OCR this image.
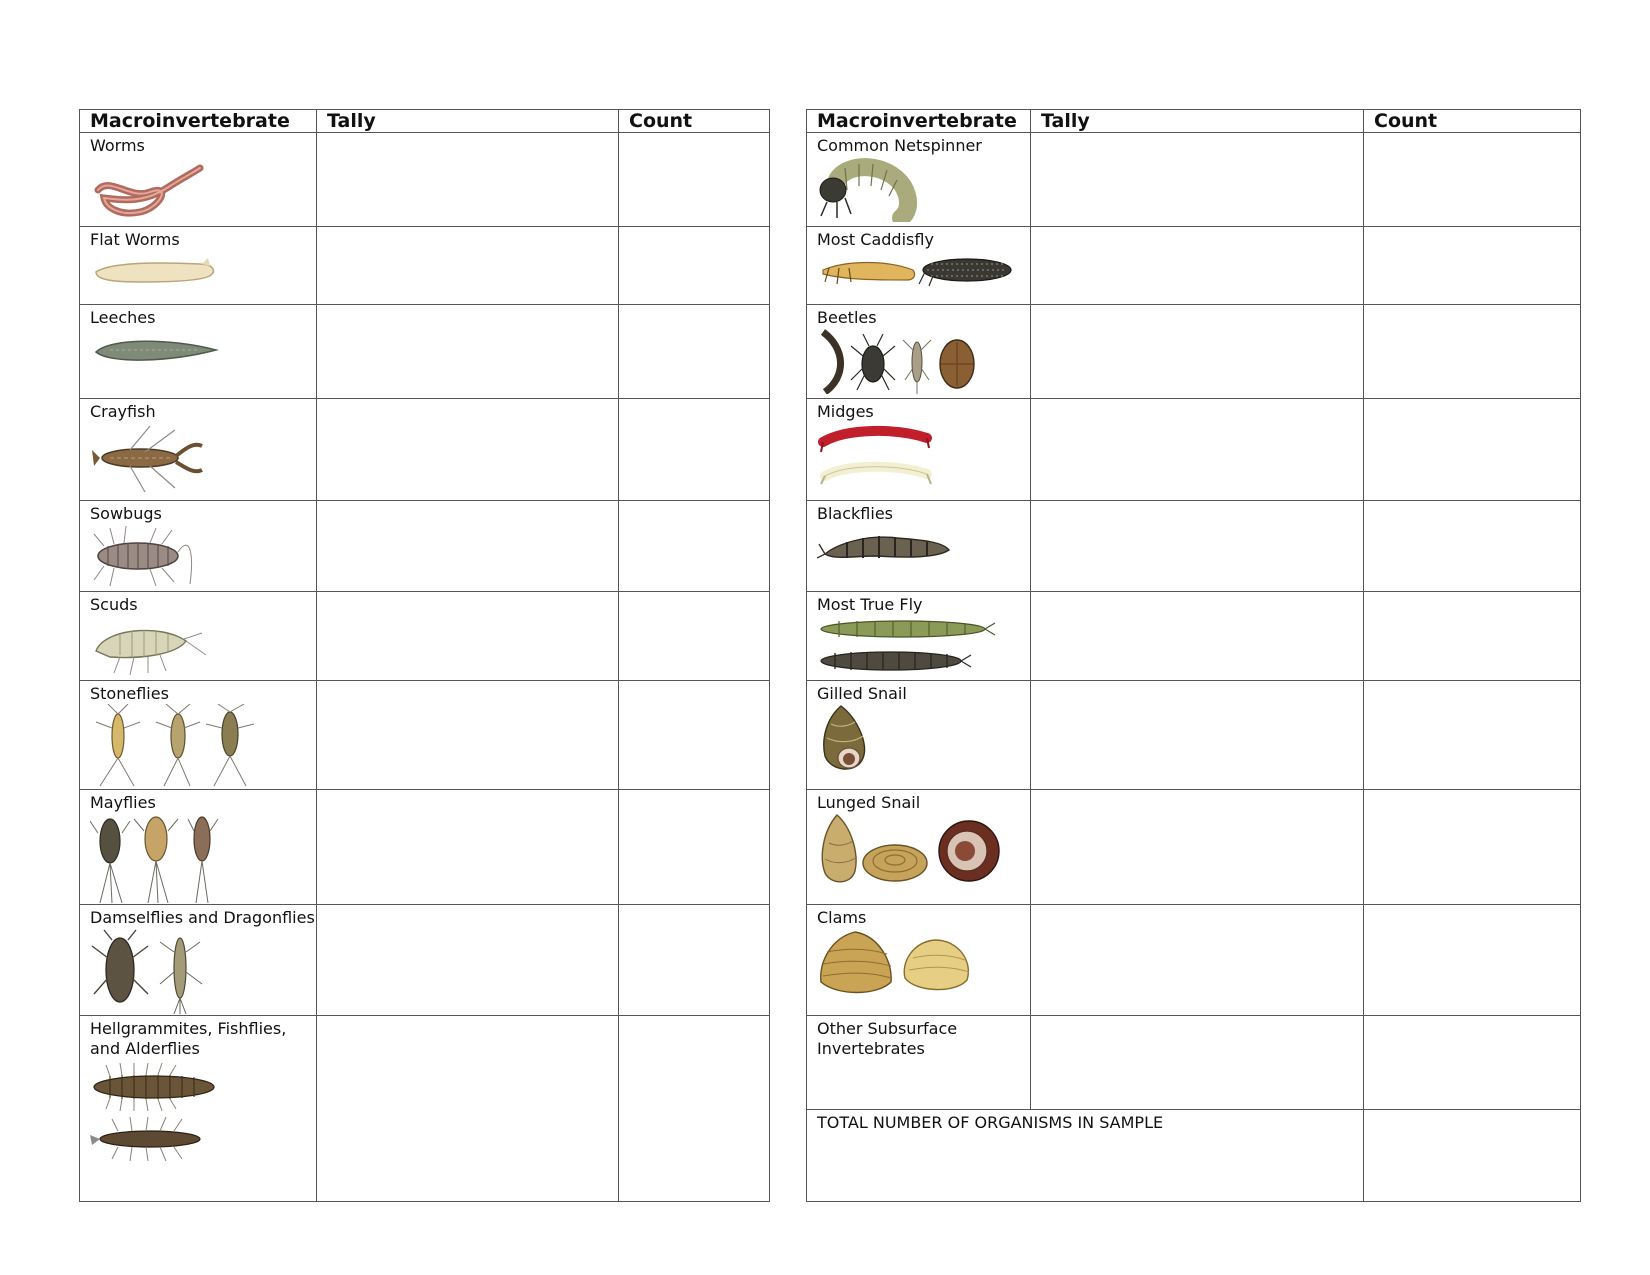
Macroinvertebrate	Tally	Count

Worms		

Flat Worms		

Leeches		

Crayfish		

Sowbugs		

Scuds		

Stoneflies		

Mayflies		

Damselflies and Dragonflies		

Hellgrammites, Fishflies, and Alderflies		

Macroinvertebrate	Tally	Count

Common Netspinner		

Most Caddisfly		

Beetles		

Midges		

Blackflies		

Most True Fly		

Gilled Snail		

Lunged Snail		

Clams		

Other Subsurface Invertebrates		

TOTAL NUMBER OF ORGANISMS IN SAMPLE		
